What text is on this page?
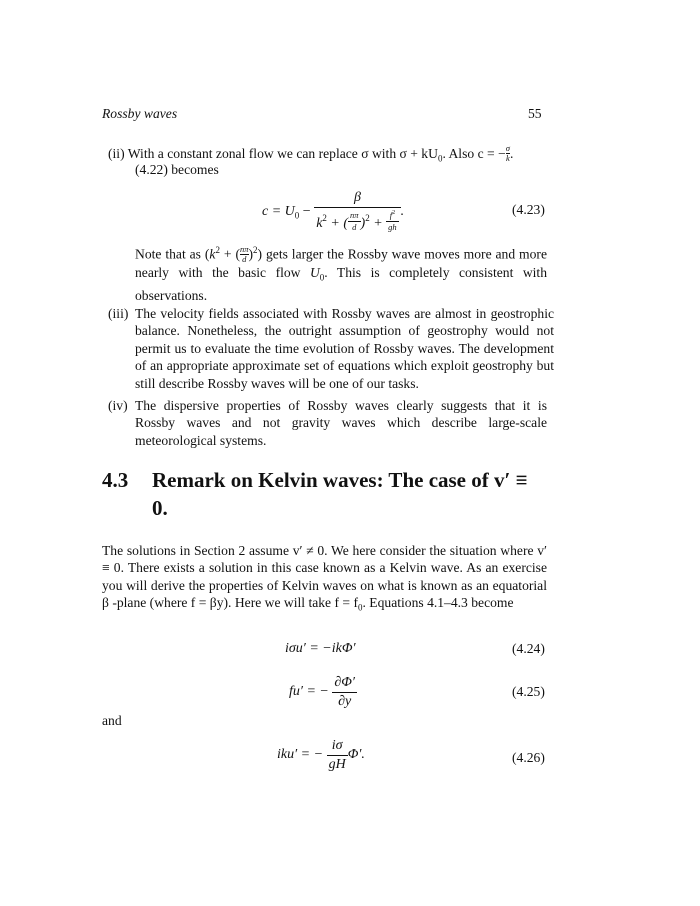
Rossby waves	55
(ii) With a constant zonal flow we can replace σ with $\sigma + kU_0$. Also c = − $\frac{\sigma}{k}$ .
(4.22) becomes
$c = U_0 - \frac{\beta}{k^2 + ( \frac{n\pi}{d} )^2 + \frac{f^2}{gh}}$ .	(4.23)
Note that as ($k^2$ + ( $\frac{n\pi}{d} )^2$) gets larger the Rossby wave moves more and more nearly with the basic flow $U_0$. This is completely consistent with observations.
(iii) The velocity fields associated with Rossby waves are almost in geostrophic balance. Nonetheless, the outright assumption of geostrophy would not permit us to evaluate the time evolution of Rossby waves. The development of an appropriate approximate set of equations which exploit geostrophy but still describe Rossby waves will be one of our tasks.
(iv) The dispersive properties of Rossby waves clearly suggests that it is Rossby waves and not gravity waves which describe large-scale meteorological systems.
4.3 Remark on Kelvin waves: The case of v′ ≡
0.
The solutions in Section 2 assume v′ ≠ 0. We here consider the situation where v′ ≡ 0. There exists a solution in this case known as a Kelvin wave. As an exercise you will derive the properties of Kelvin waves on what is known as an equatorial β -plane (where f = βy). Here we will take $f = f_0$. Equations 4.1–4.3 become
iσu′ = −ikΦ′	(4.24)
fu′ = − $\frac{\partial\Phi'}{\partial y}$	(4.25)
and
iku′ = − $\frac{i\sigma}{gH} \Phi'$.	(4.26)
